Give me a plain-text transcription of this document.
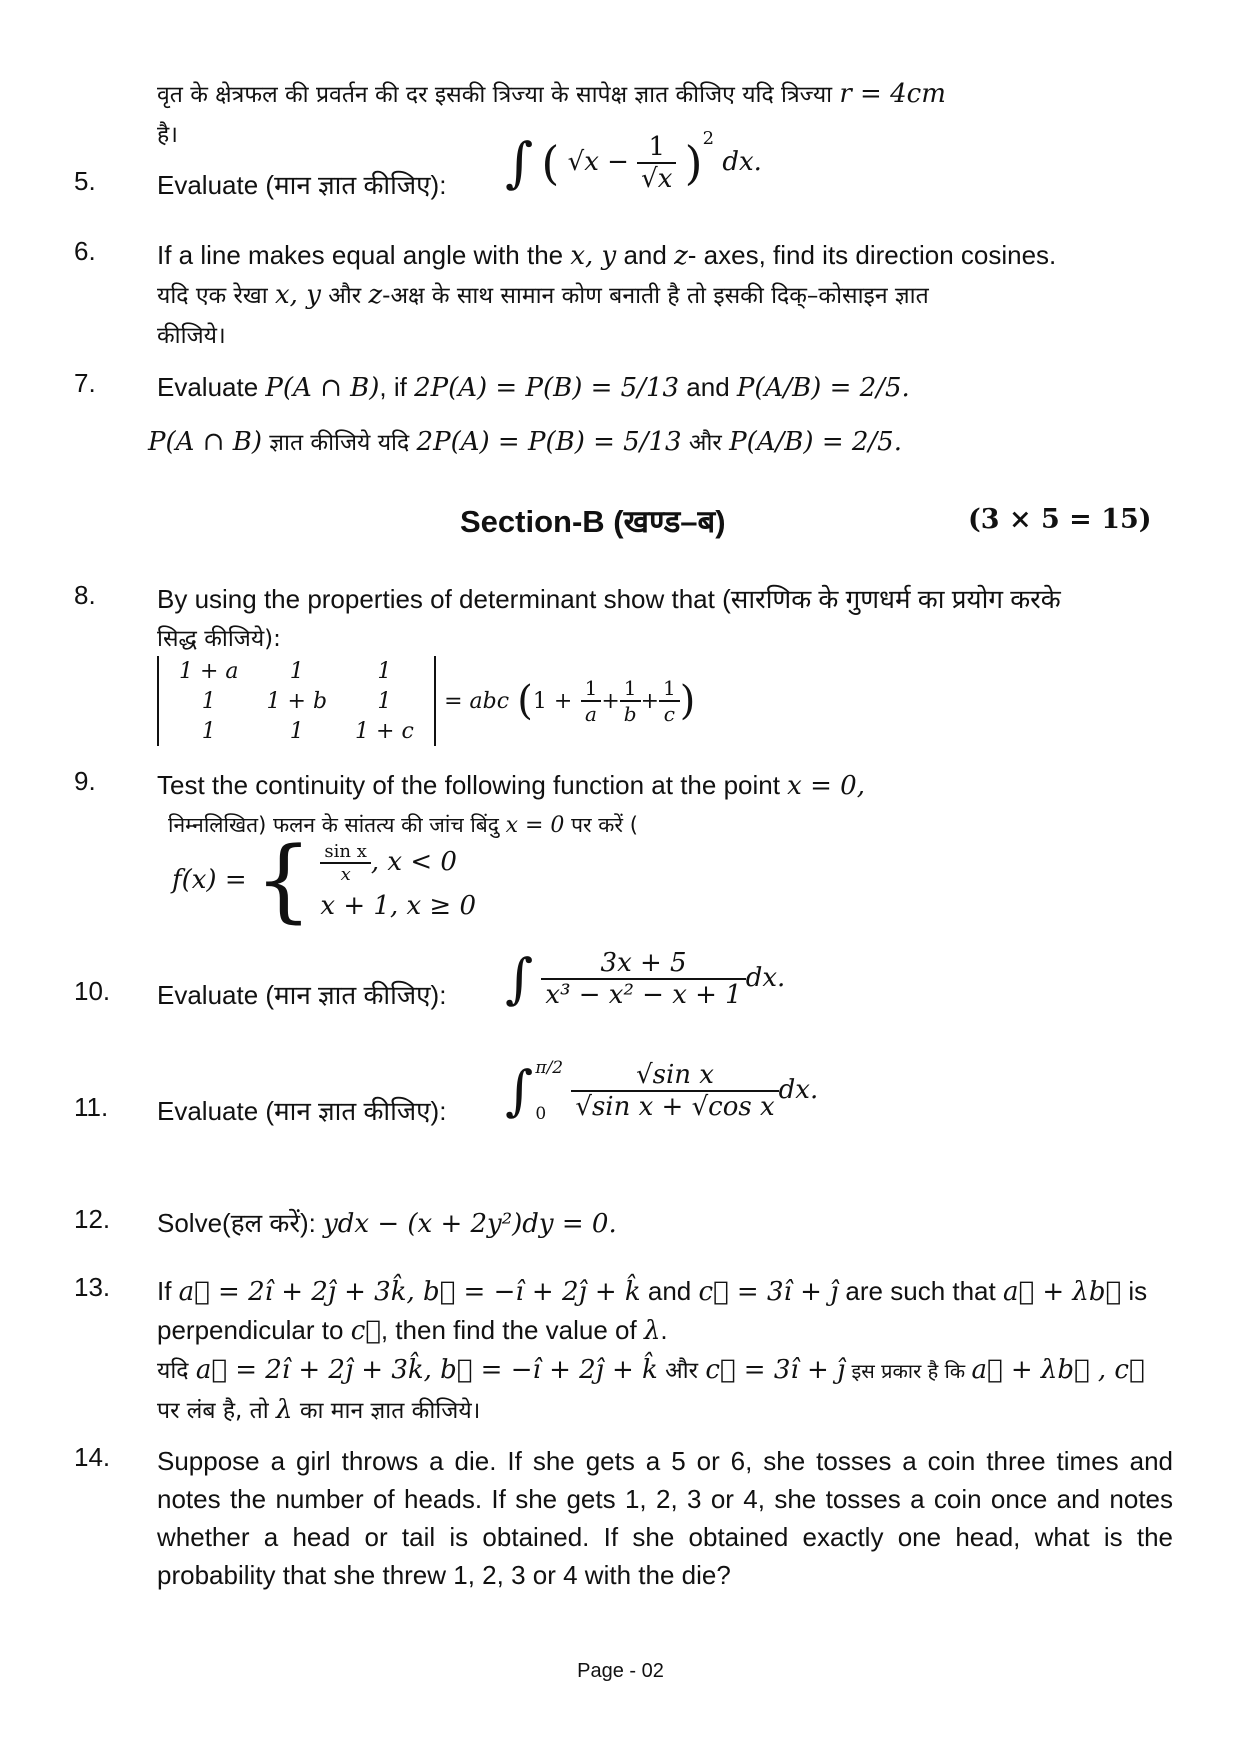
वृत के क्षेत्रफल की प्रवर्तन की दर इसकी त्रिज्या के सापेक्ष ज्ञात कीजिए यदि त्रिज्या r = 4cm
है।
5.	Evaluate (मान ज्ञात कीजिए):	∫ ( $√x - \frac{1}{√x} )^2$ dx.
6.	If a line makes equal angle with the x, y and z- axes, find its direction cosines.
यदि एक रेखा x, y और z-अक्ष के साथ सामान कोण बनाती है तो इसकी दिक्–कोसाइन ज्ञात
कीजिये।
7.	Evaluate P(A ∩ B), if 2P(A) = P(B) = 5/13 and P(A/B) = 2/5.
P(A ∩ B) ज्ञात कीजिये यदि 2P(A) = P(B) = 5/13 और P(A/B) = 2/5.
Section-B (खण्ड–ब)	(3 × 5 = 15)
8.	By using the properties of determinant show that (सारणिक के गुणधर्म का प्रयोग करके
सिद्ध कीजिये):
1 + a	1	1
1	1 + b	1
1	1	1 + c
= abc ($1 + \frac{1}{a} + \frac{1}{b} + \frac{1}{c}$ )
9.	Test the continuity of the following function at the point x = 0,
निम्नलिखित) फलन के सांतत्य की जांच बिंदु x = 0 पर करें (
f(x) = { $\frac{\text{sin x}}{x}$ , x < 0
x + 1, x ≥ 0
10.	Evaluate (मान ज्ञात कीजिए):	∫ $\frac{3x + 5}{\text{x³ − x² − x + 1}}$ dx.
11.	Evaluate (मान ज्ञात कीजिए):	∫ π/2
0
$\frac{\text{√sin x}}{\text{√sin x + √cos x}}$ dx.
12.	Solve(हल करें): ydx − (x + 2y²)dy = 0.
13.	If a⃗ = 2î + 2ĵ + 3k̂, b⃗ = −î + 2ĵ + k̂ and c⃗ = 3î + ĵ are such that a⃗ + λb⃗ is
perpendicular to c⃗, then find the value of λ.
यदि a⃗ = 2î + 2ĵ + 3k̂, b⃗ = −î + 2ĵ + k̂ और c⃗ = 3î + ĵ इस प्रकार है कि a⃗ + λb⃗ , c⃗
पर लंब है, तो λ का मान ज्ञात कीजिये।
14.	Suppose a girl throws a die. If she gets a 5 or 6, she tosses a coin three times and notes the number of heads. If she gets 1, 2, 3 or 4, she tosses a coin once and notes whether a head or tail is obtained. If she obtained exactly one head, what is the probability that she threw 1, 2, 3 or 4 with the die?
Page - 02
